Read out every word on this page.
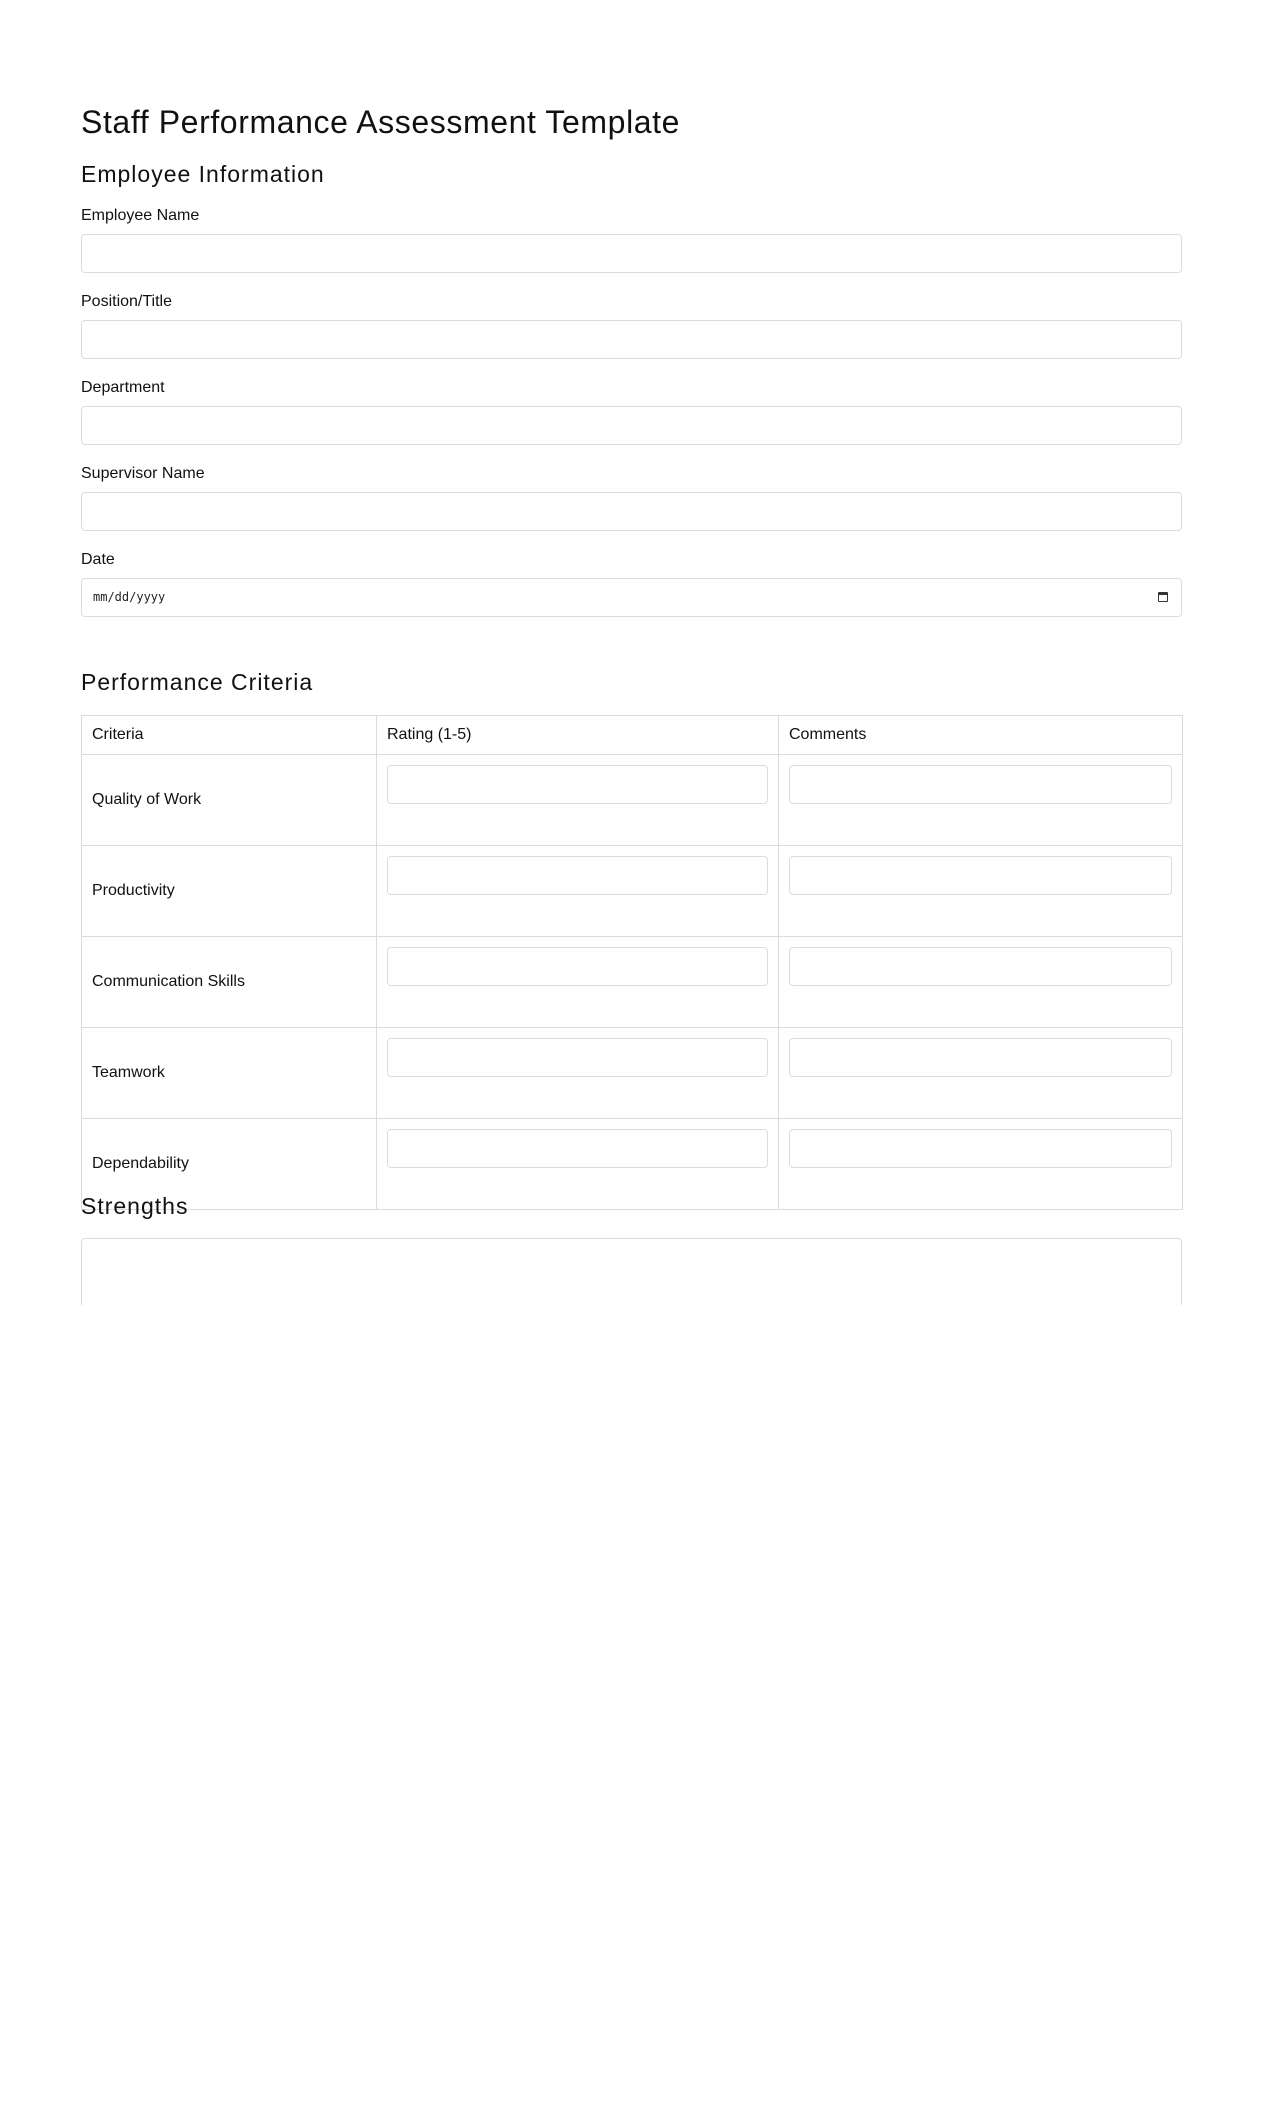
Staff Performance Assessment Template
Employee Information
Employee Name
Position/Title
Department
Supervisor Name
Date
mm/dd/yyyy
Performance Criteria
Criteria	Rating (1-5)	Comments
Quality of Work	

Productivity	

Communication Skills	

Teamwork	

Dependability	

Strengths
